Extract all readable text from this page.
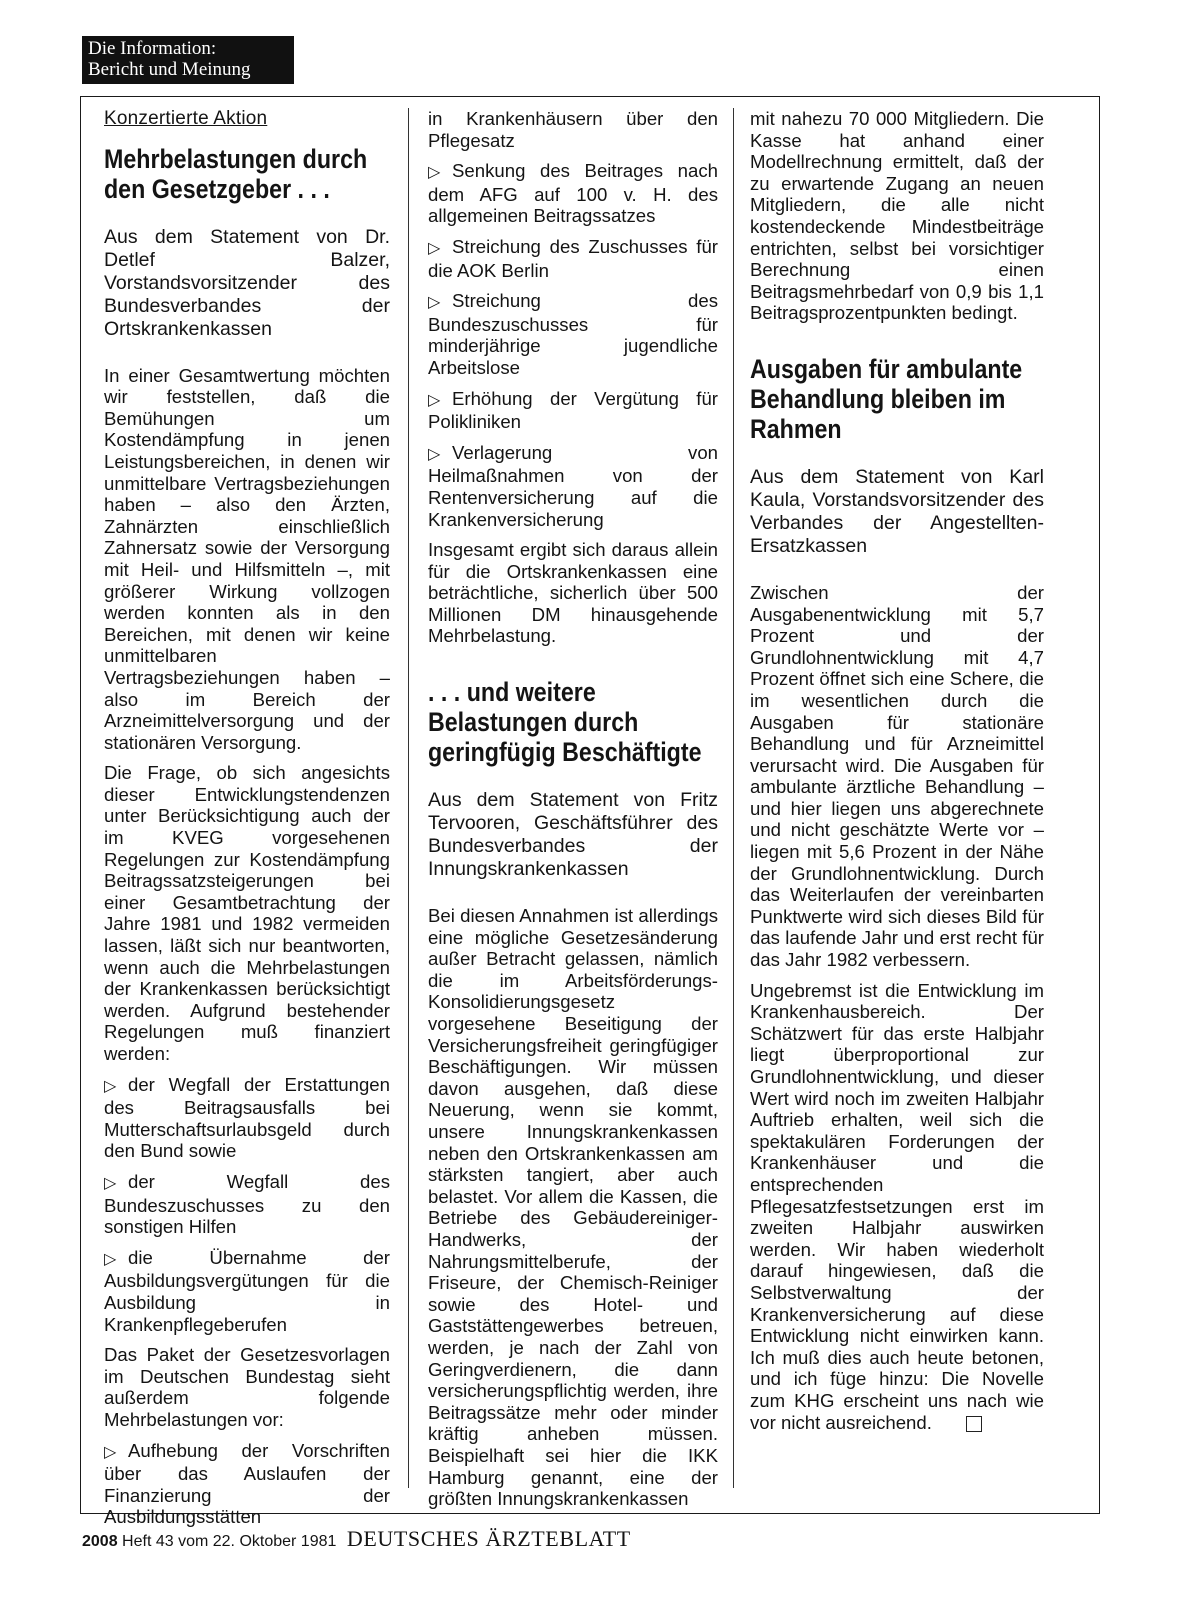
Die Information:
Bericht und Meinung
Konzertierte Aktion
Mehrbelastungen durch den Gesetzgeber . . .
Aus dem Statement von Dr. Detlef Balzer, Vorstandsvorsitzender des Bundesverbandes der Ortskrankenkassen

In einer Gesamtwertung möchten wir feststellen, daß die Bemühungen um Kostendämpfung in jenen Leistungsbereichen, in denen wir unmittelbare Vertragsbeziehungen haben – also den Ärzten, Zahnärzten einschließlich Zahnersatz sowie der Versorgung mit Heil- und Hilfsmitteln –, mit größerer Wirkung vollzogen werden konnten als in den Bereichen, mit denen wir keine unmittelbaren Vertragsbeziehungen haben – also im Bereich der Arzneimittelversorgung und der stationären Versorgung.

Die Frage, ob sich angesichts dieser Entwicklungstendenzen unter Berücksichtigung auch der im KVEG vorgesehenen Regelungen zur Kostendämpfung Beitragssatzsteigerungen bei einer Gesamtbetrachtung der Jahre 1981 und 1982 vermeiden lassen, läßt sich nur beantworten, wenn auch die Mehrbelastungen der Krankenkassen berücksichtigt werden. Aufgrund bestehender Regelungen muß finanziert werden:

▷ der Wegfall der Erstattungen des Beitragsausfalls bei Mutterschaftsurlaubsgeld durch den Bund sowie

▷ der Wegfall des Bundeszuschusses zu den sonstigen Hilfen

▷ die Übernahme der Ausbildungsvergütungen für die Ausbildung in Krankenpflegeberufen

Das Paket der Gesetzesvorlagen im Deutschen Bundestag sieht außerdem folgende Mehrbelastungen vor:

▷ Aufhebung der Vorschriften über das Auslaufen der Finanzierung der Ausbildungsstätten

in Krankenhäusern über den Pflegesatz

▷ Senkung des Beitrages nach dem AFG auf 100 v. H. des allgemeinen Beitragssatzes

▷ Streichung des Zuschusses für die AOK Berlin

▷ Streichung des Bundeszuschusses für minderjährige jugendliche Arbeitslose

▷ Erhöhung der Vergütung für Polikliniken

▷ Verlagerung von Heilmaßnahmen von der Rentenversicherung auf die Krankenversicherung

Insgesamt ergibt sich daraus allein für die Ortskrankenkassen eine beträchtliche, sicherlich über 500 Millionen DM hinausgehende Mehrbelastung.

. . . und weitere Belastungen durch geringfügig Beschäftigte
Aus dem Statement von Fritz Tervooren, Geschäftsführer des Bundesverbandes der Innungskrankenkassen

Bei diesen Annahmen ist allerdings eine mögliche Gesetzesänderung außer Betracht gelassen, nämlich die im Arbeitsförderungs-Konsolidierungsgesetz vorgesehene Beseitigung der Versicherungsfreiheit geringfügiger Beschäftigungen. Wir müssen davon ausgehen, daß diese Neuerung, wenn sie kommt, unsere Innungskrankenkassen neben den Ortskrankenkassen am stärksten tangiert, aber auch belastet. Vor allem die Kassen, die Betriebe des Gebäudereiniger-Handwerks, der Nahrungsmittelberufe, der Friseure, der Chemisch-Reiniger sowie des Hotel- und Gaststättengewerbes betreuen, werden, je nach der Zahl von Geringverdienern, die dann versicherungspflichtig werden, ihre Beitragssätze mehr oder minder kräftig anheben müssen. Beispielhaft sei hier die IKK Hamburg genannt, eine der größten Innungskrankenkassen

mit nahezu 70 000 Mitgliedern. Die Kasse hat anhand einer Modellrechnung ermittelt, daß der zu erwartende Zugang an neuen Mitgliedern, die alle nicht kostendeckende Mindestbeiträge entrichten, selbst bei vorsichtiger Berechnung einen Beitragsmehrbedarf von 0,9 bis 1,1 Beitragsprozentpunkten bedingt.

Ausgaben für ambulante Behandlung bleiben im Rahmen
Aus dem Statement von Karl Kaula, Vorstandsvorsitzender des Verbandes der Angestellten-Ersatzkassen

Zwischen der Ausgabenentwicklung mit 5,7 Prozent und der Grundlohnentwicklung mit 4,7 Prozent öffnet sich eine Schere, die im wesentlichen durch die Ausgaben für stationäre Behandlung und für Arzneimittel verursacht wird. Die Ausgaben für ambulante ärztliche Behandlung – und hier liegen uns abgerechnete und nicht geschätzte Werte vor – liegen mit 5,6 Prozent in der Nähe der Grundlohnentwicklung. Durch das Weiterlaufen der vereinbarten Punktwerte wird sich dieses Bild für das laufende Jahr und erst recht für das Jahr 1982 verbessern.

Ungebremst ist die Entwicklung im Krankenhausbereich. Der Schätzwert für das erste Halbjahr liegt überproportional zur Grundlohnentwicklung, und dieser Wert wird noch im zweiten Halbjahr Auftrieb erhalten, weil sich die spektakulären Forderungen der Krankenhäuser und die entsprechenden Pflegesatzfestsetzungen erst im zweiten Halbjahr auswirken werden. Wir haben wiederholt darauf hingewiesen, daß die Selbstverwaltung der Krankenversicherung auf diese Entwicklung nicht einwirken kann. Ich muß dies auch heute betonen, und ich füge hinzu: Die Novelle zum KHG erscheint uns nach wie vor nicht ausreichend.

2008 Heft 43 vom 22. Oktober 1981 DEUTSCHES ÄRZTEBLATT
